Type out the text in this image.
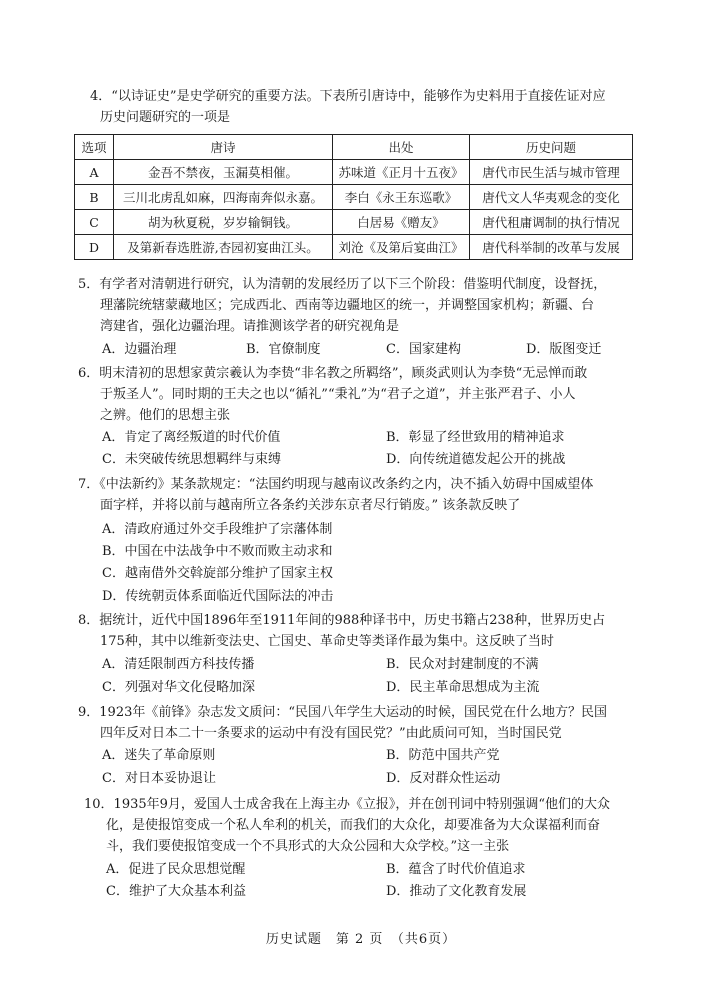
4．“以诗证史”是史学研究的重要方法。下表所引唐诗中，能够作为史料用于直接佐证对应
历史问题研究的一项是
选项	唐诗	出处	历史问题
A	金吾不禁夜，玉漏莫相催。	苏味道《正月十五夜》	唐代市民生活与城市管理
B	三川北虏乱如麻，四海南奔似永嘉。	李白《永王东巡歌》	唐代文人华夷观念的变化
C	胡为秋夏税，岁岁输铜钱。	白居易《赠友》	唐代租庸调制的执行情况
D	及第新春选胜游,杏园初宴曲江头。	刘沧《及第后宴曲江》	唐代科举制的改革与发展
5．有学者对清朝进行研究，认为清朝的发展经历了以下三个阶段：借鉴明代制度，设督抚，
理藩院统辖蒙藏地区；完成西北、西南等边疆地区的统一，并调整国家机构；新疆、台
湾建省，强化边疆治理。请推测该学者的研究视角是
A．边疆治理	B．官僚制度	C．国家建构	D．版图变迁
6．明末清初的思想家黄宗羲认为李贽“非名教之所羁络”，顾炎武则认为李贽“无忌惮而敢
于叛圣人”。同时期的王夫之也以“循礼”“秉礼”为“君子之道”，并主张严君子、小人
之辨。他们的思想主张
A．肯定了离经叛道的时代价值	B．彰显了经世致用的精神追求
C．未突破传统思想羁绊与束缚	D．向传统道德发起公开的挑战
7．《中法新约》某条款规定：“法国约明现与越南议改条约之内，决不插入妨碍中国威望体
面字样，并将以前与越南所立各条约关涉东京者尽行销废。” 该条款反映了
A．清政府通过外交手段维护了宗藩体制
B．中国在中法战争中不败而败主动求和
C．越南借外交斡旋部分维护了国家主权
D．传统朝贡体系面临近代国际法的冲击
8．据统计，近代中国1896年至1911年间的988种译书中，历史书籍占238种，世界历史占
175种，其中以维新变法史、亡国史、革命史等类译作最为集中。这反映了当时
A．清廷限制西方科技传播	B．民众对封建制度的不满
C．列强对华文化侵略加深	D．民主革命思想成为主流
9．1923年《前锋》杂志发文质问：“民国八年学生大运动的时候，国民党在什么地方？民国
四年反对日本二十一条要求的运动中有没有国民党？”由此质问可知，当时国民党
A．迷失了革命原则	B．防范中国共产党
C．对日本妥协退让	D．反对群众性运动
10．1935年9月，爱国人士成舍我在上海主办《立报》，并在创刊词中特别强调“他们的大众
化，是使报馆变成一个私人牟利的机关，而我们的大众化，却要准备为大众谋福利而奋
斗，我们要使报馆变成一个不具形式的大众公园和大众学校。”这一主张
A．促进了民众思想觉醒	B．蕴含了时代价值追求
C．维护了大众基本利益	D．推动了文化教育发展
历史试题　第 2 页　（共6页）
